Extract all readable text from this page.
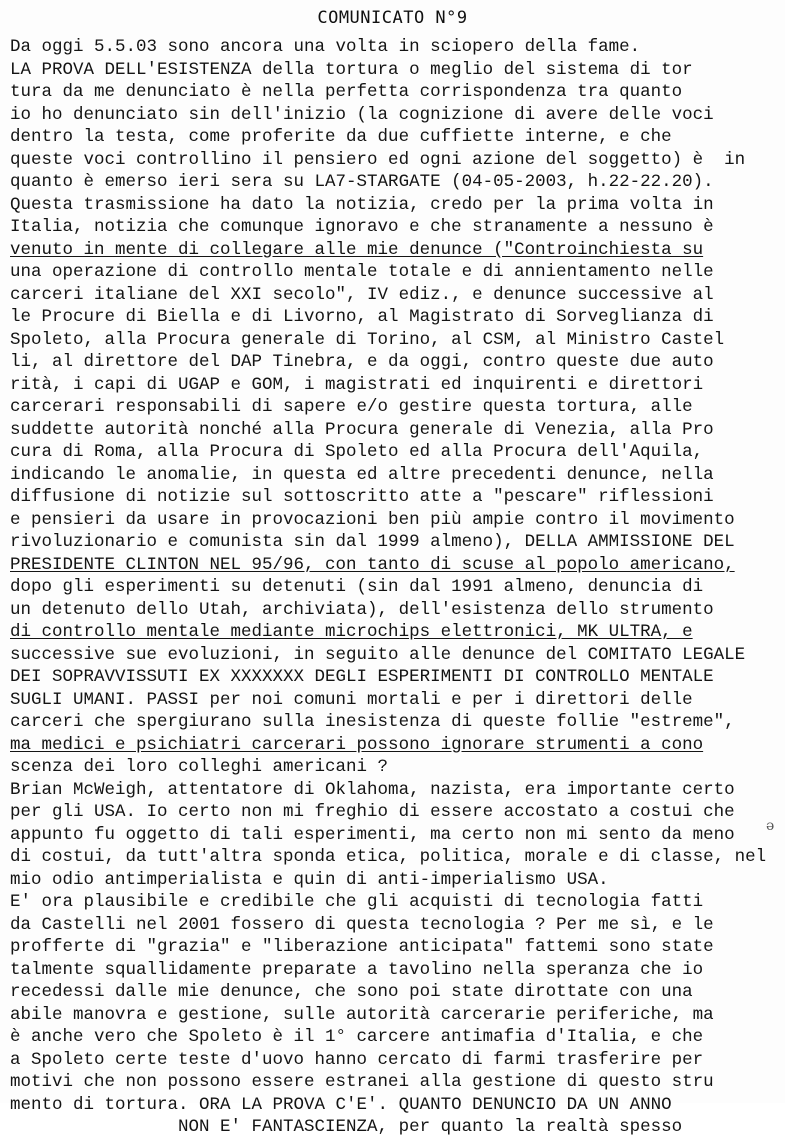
COMUNICATO N°9
Da oggi 5.5.03 sono ancora una volta in sciopero della fame.
LA PROVA DELL'ESISTENZA della tortura o meglio del sistema di tor
tura da me denunciato è nella perfetta corrispondenza tra quanto
io ho denunciato sin dell'inizio (la cognizione di avere delle voci
dentro la testa, come proferite da due cuffiette interne, e che
queste voci controllino il pensiero ed ogni azione del soggetto) è  in
quanto è emerso ieri sera su LA7-STARGATE (04-05-2003, h.22-22.20).
Questa trasmissione ha dato la notizia, credo per la prima volta in
Italia, notizia che comunque ignoravo e che stranamente a nessuno è
venuto in mente di collegare alle mie denunce ("Controinchiesta su
una operazione di controllo mentale totale e di annientamento nelle
carceri italiane del XXI secolo", IV ediz., e denunce successive al
le Procure di Biella e di Livorno, al Magistrato di Sorveglianza di
Spoleto, alla Procura generale di Torino, al CSM, al Ministro Castel
li, al direttore del DAP Tinebra, e da oggi, contro queste due auto
rità, i capi di UGAP e GOM, i magistrati ed inquirenti e direttori
carcerari responsabili di sapere e/o gestire questa tortura, alle
suddette autorità nonché alla Procura generale di Venezia, alla Pro
cura di Roma, alla Procura di Spoleto ed alla Procura dell'Aquila,
indicando le anomalie, in questa ed altre precedenti denunce, nella
diffusione di notizie sul sottoscritto atte a "pescare" riflessioni
e pensieri da usare in provocazioni ben più ampie contro il movimento
rivoluzionario e comunista sin dal 1999 almeno), DELLA AMMISSIONE DEL
PRESIDENTE CLINTON NEL 95/96, con tanto di scuse al popolo americano,
dopo gli esperimenti su detenuti (sin dal 1991 almeno, denuncia di
un detenuto dello Utah, archiviata), dell'esistenza dello strumento
di controllo mentale mediante microchips elettronici, MK ULTRA, e
successive sue evoluzioni, in seguito alle denunce del COMITATO LEGALE
DEI SOPRAVVISSUTI EX XXXXXXX DEGLI ESPERIMENTI DI CONTROLLO MENTALE
SUGLI UMANI. PASSI per noi comuni mortali e per i direttori delle
carceri che spergiurano sulla inesistenza di queste follie "estreme",
ma medici e psichiatri carcerari possono ignorare strumenti a cono
scenza dei loro colleghi americani ?
Brian McWeigh, attentatore di Oklahoma, nazista, era importante certo
per gli USA. Io certo non mi freghio di essere accostato a costui che
appunto fu oggetto di tali esperimenti, ma certo non mi sento da meno
di costui, da tutt'altra sponda etica, politica, morale e di classe, nel
mio odio antimperialista e quin di anti-imperialismo USA.
E' ora plausibile e credibile che gli acquisti di tecnologia fatti
da Castelli nel 2001 fossero di questa tecnologia ? Per me sì, e le
profferte di "grazia" e "liberazione anticipata" fattemi sono state
talmente squallidamente preparate a tavolino nella speranza che io
recedessi dalle mie denunce, che sono poi state dirottate con una
abile manovra e gestione, sulle autorità carcerarie periferiche, ma
è anche vero che Spoleto è il 1° carcere antimafia d'Italia, e che
a Spoleto certe teste d'uovo hanno cercato di farmi trasferire per
motivi che non possono essere estranei alla gestione di questo stru
mento di tortura. ORA LA PROVA C'E'. QUANTO DENUNCIO DA UN ANNO
NON E' FANTASCIENZA, per quanto la realtà spesso
ǝ
